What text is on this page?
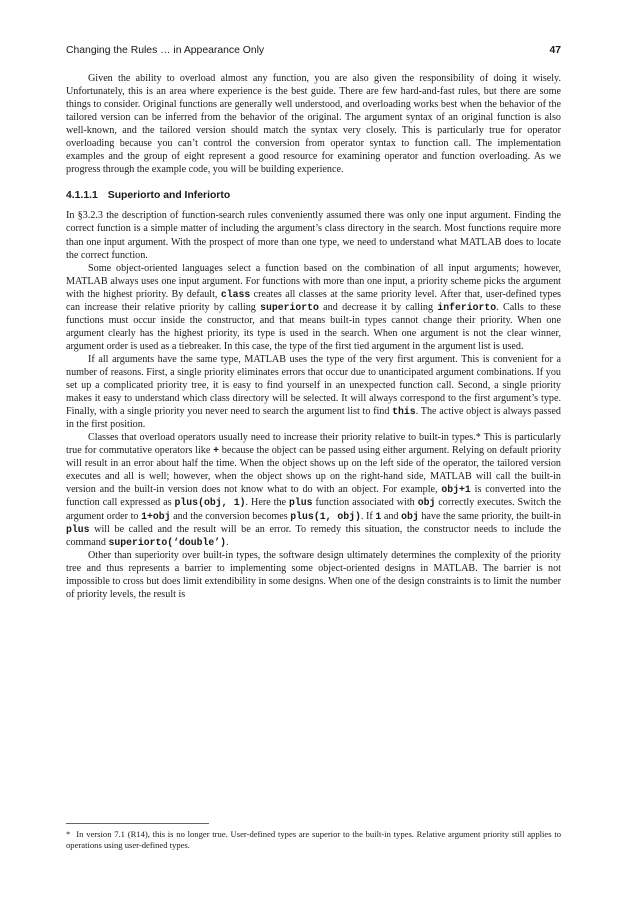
Changing the Rules … in Appearance Only	47

Given the ability to overload almost any function, you are also given the responsibility of doing it wisely. Unfortunately, this is an area where experience is the best guide. There are few hard-and-fast rules, but there are some things to consider. Original functions are generally well understood, and overloading works best when the behavior of the tailored version can be inferred from the behavior of the original. The argument syntax of an original function is also well-known, and the tailored version should match the syntax very closely. This is particularly true for operator overloading because you can’t control the conversion from operator syntax to function call. The implementation examples and the group of eight represent a good resource for examining operator and function overloading. As we progress through the example code, you will be building experience.

4.1.1.1 Superiorto and Inferiorto

In §3.2.3 the description of function-search rules conveniently assumed there was only one input argument. Finding the correct function is a simple matter of including the argument’s class directory in the search. Most functions require more than one input argument. With the prospect of more than one type, we need to understand what MATLAB does to locate the correct function.

Some object-oriented languages select a function based on the combination of all input arguments; however, MATLAB always uses one input argument. For functions with more than one input, a priority scheme picks the argument with the highest priority. By default, class creates all classes at the same priority level. After that, user-defined types can increase their relative priority by calling superiorto and decrease it by calling inferiorto. Calls to these functions must occur inside the constructor, and that means built-in types cannot change their priority. When one argument clearly has the highest priority, its type is used in the search. When one argument is not the clear winner, argument order is used as a tiebreaker. In this case, the type of the first tied argument in the argument list is used.

If all arguments have the same type, MATLAB uses the type of the very first argument. This is convenient for a number of reasons. First, a single priority eliminates errors that occur due to unanticipated argument combinations. If you set up a complicated priority tree, it is easy to find yourself in an unexpected function call. Second, a single priority makes it easy to understand which class directory will be selected. It will always correspond to the first argument’s type. Finally, with a single priority you never need to search the argument list to find this. The active object is always passed in the first position.

Classes that overload operators usually need to increase their priority relative to built-in types.* This is particularly true for commutative operators like + because the object can be passed using either argument. Relying on default priority will result in an error about half the time. When the object shows up on the left side of the operator, the tailored version executes and all is well; however, when the object shows up on the right-hand side, MATLAB will call the built-in version and the built-in version does not know what to do with an object. For example, obj+1 is converted into the function call expressed as plus(obj, 1). Here the plus function associated with obj correctly executes. Switch the argument order to 1+obj and the conversion becomes plus(1, obj). If 1 and obj have the same priority, the built-in plus will be called and the result will be an error. To remedy this situation, the constructor needs to include the command superiorto(‘double’).

Other than superiority over built-in types, the software design ultimately determines the complexity of the priority tree and thus represents a barrier to implementing some object-oriented designs in MATLAB. The barrier is not impossible to cross but does limit extendibility in some designs. When one of the design constraints is to limit the number of priority levels, the result is

* In version 7.1 (R14), this is no longer true. User-defined types are superior to the built-in types. Relative argument priority still applies to operations using user-defined types.
